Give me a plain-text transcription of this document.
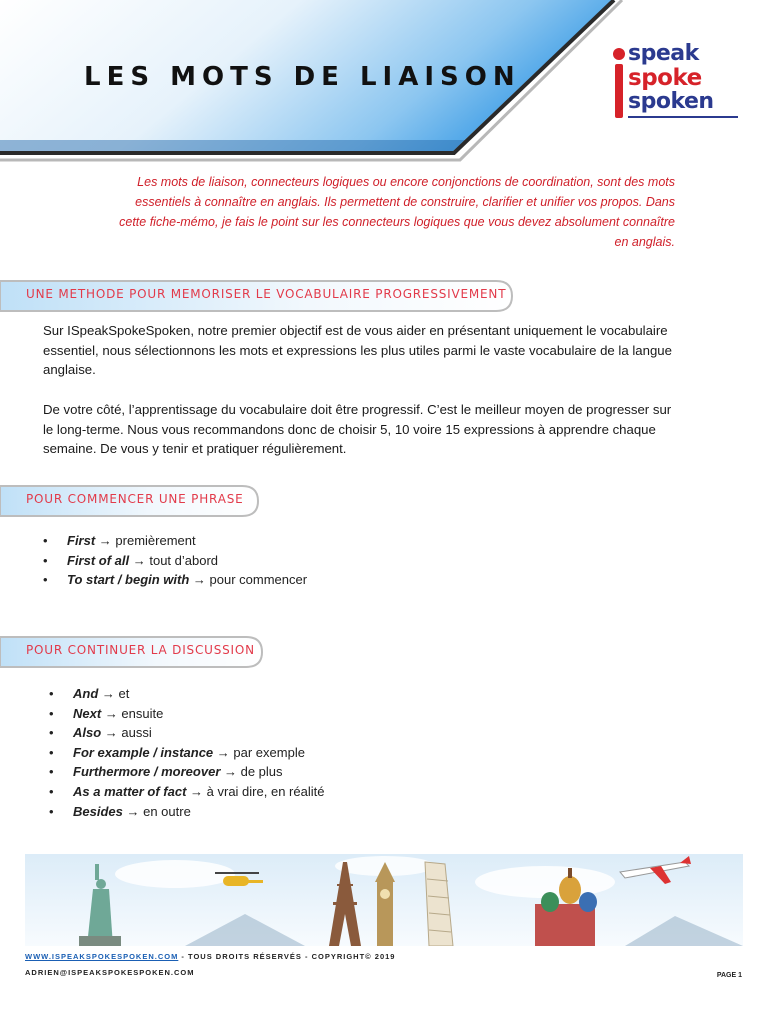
LES MOTS DE LIAISON
speak
spoke
spoken
Les mots de liaison, connecteurs logiques ou encore conjonctions de coordination, sont des mots essentiels à connaître en anglais. Ils permettent de construire, clarifier et unifier vos propos. Dans cette fiche-mémo, je fais le point sur les connecteurs logiques que vous devez absolument connaître en anglais.
UNE METHODE POUR MEMORISER LE VOCABULAIRE PROGRESSIVEMENT
Sur ISpeakSpokeSpoken, notre premier objectif est de vous aider en présentant uniquement le vocabulaire essentiel, nous sélectionnons les mots et expressions les plus utiles parmi le vaste vocabulaire de la langue anglaise.
De votre côté, l’apprentissage du vocabulaire doit être progressif. C’est le meilleur moyen de progresser sur le long-terme. Nous vous recommandons donc de choisir 5, 10 voire 15 expressions à apprendre chaque semaine. De vous y tenir et pratiquer régulièrement.
POUR COMMENCER UNE PHRASE
• First → premièrement
• First of all → tout d’abord
• To start / begin with → pour commencer
POUR CONTINUER LA DISCUSSION
• And → et
• Next → ensuite
• Also → aussi
• For example / instance → par exemple
• Furthermore / moreover → de plus
• As a matter of fact → à vrai dire, en réalité
• Besides → en outre
WWW.ISPEAKSPOKESPOKEN.COM - TOUS DROITS RÉSERVÉS - COPYRIGHT© 2019
ADRIEN@ISPEAKSPOKESPOKEN.COM	PAGE 1
